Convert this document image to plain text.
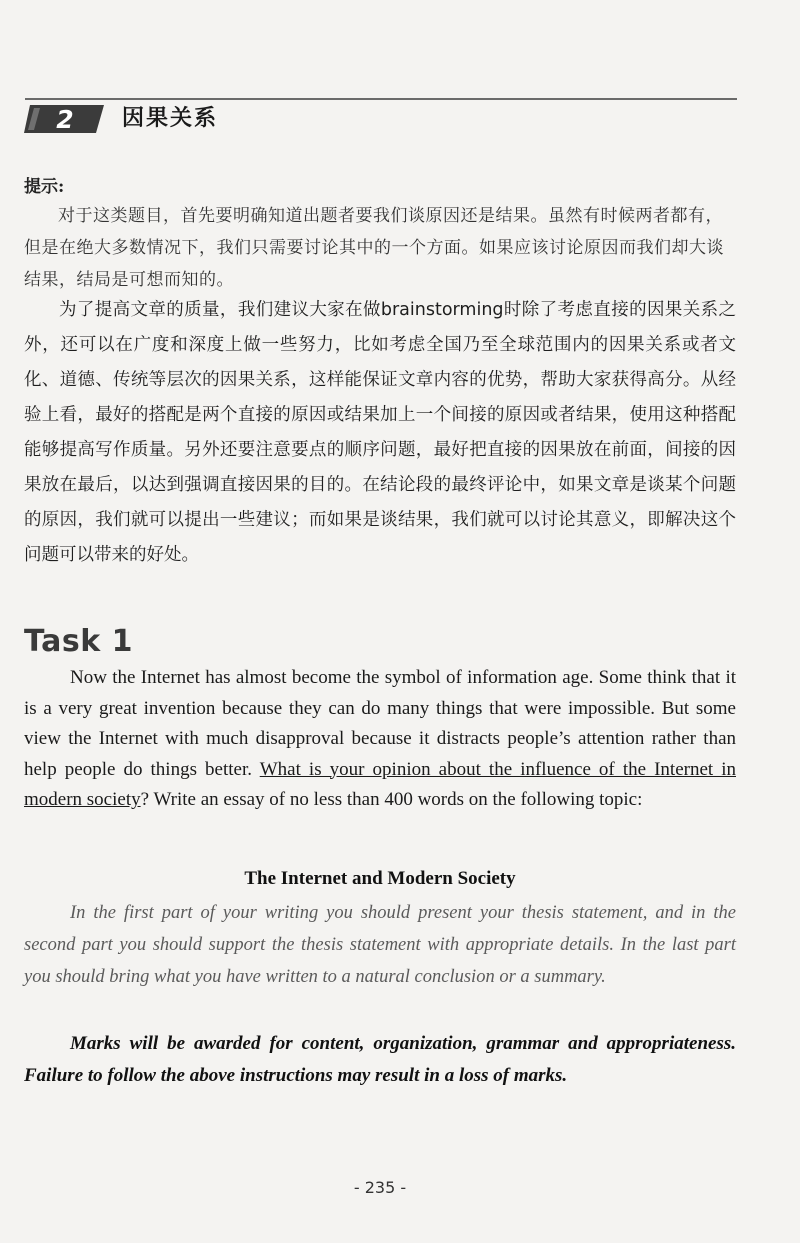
2 因果关系
提示:

对于这类题目，首先要明确知道出题者要我们谈原因还是结果。虽然有时候两者都有，但是在绝大多数情况下，我们只需要讨论其中的一个方面。如果应该讨论原因而我们却大谈结果，结局是可想而知的。

为了提高文章的质量，我们建议大家在做brainstorming时除了考虑直接的因果关系之外，还可以在广度和深度上做一些努力，比如考虑全国乃至全球范围内的因果关系或者文化、道德、传统等层次的因果关系，这样能保证文章内容的优势，帮助大家获得高分。从经验上看，最好的搭配是两个直接的原因或结果加上一个间接的原因或者结果，使用这种搭配能够提高写作质量。另外还要注意要点的顺序问题，最好把直接的因果放在前面，间接的因果放在最后，以达到强调直接因果的目的。在结论段的最终评论中，如果文章是谈某个问题的原因，我们就可以提出一些建议；而如果是谈结果，我们就可以讨论其意义，即解决这个问题可以带来的好处。

Task 1

Now the Internet has almost become the symbol of information age. Some think that it is a very great invention because they can do many things that were impossible. But some view the Internet with much disapproval because it distracts people’s attention rather than help people do things better. What is your opinion about the influence of the Internet in modern society? Write an essay of no less than 400 words on the following topic:

The Internet and Modern Society

In the first part of your writing you should present your thesis statement, and in the second part you should support the thesis statement with appropriate details. In the last part you should bring what you have written to a natural conclusion or a summary.

Marks will be awarded for content, organization, grammar and appropriateness. Failure to follow the above instructions may result in a loss of marks.

- 235 -
